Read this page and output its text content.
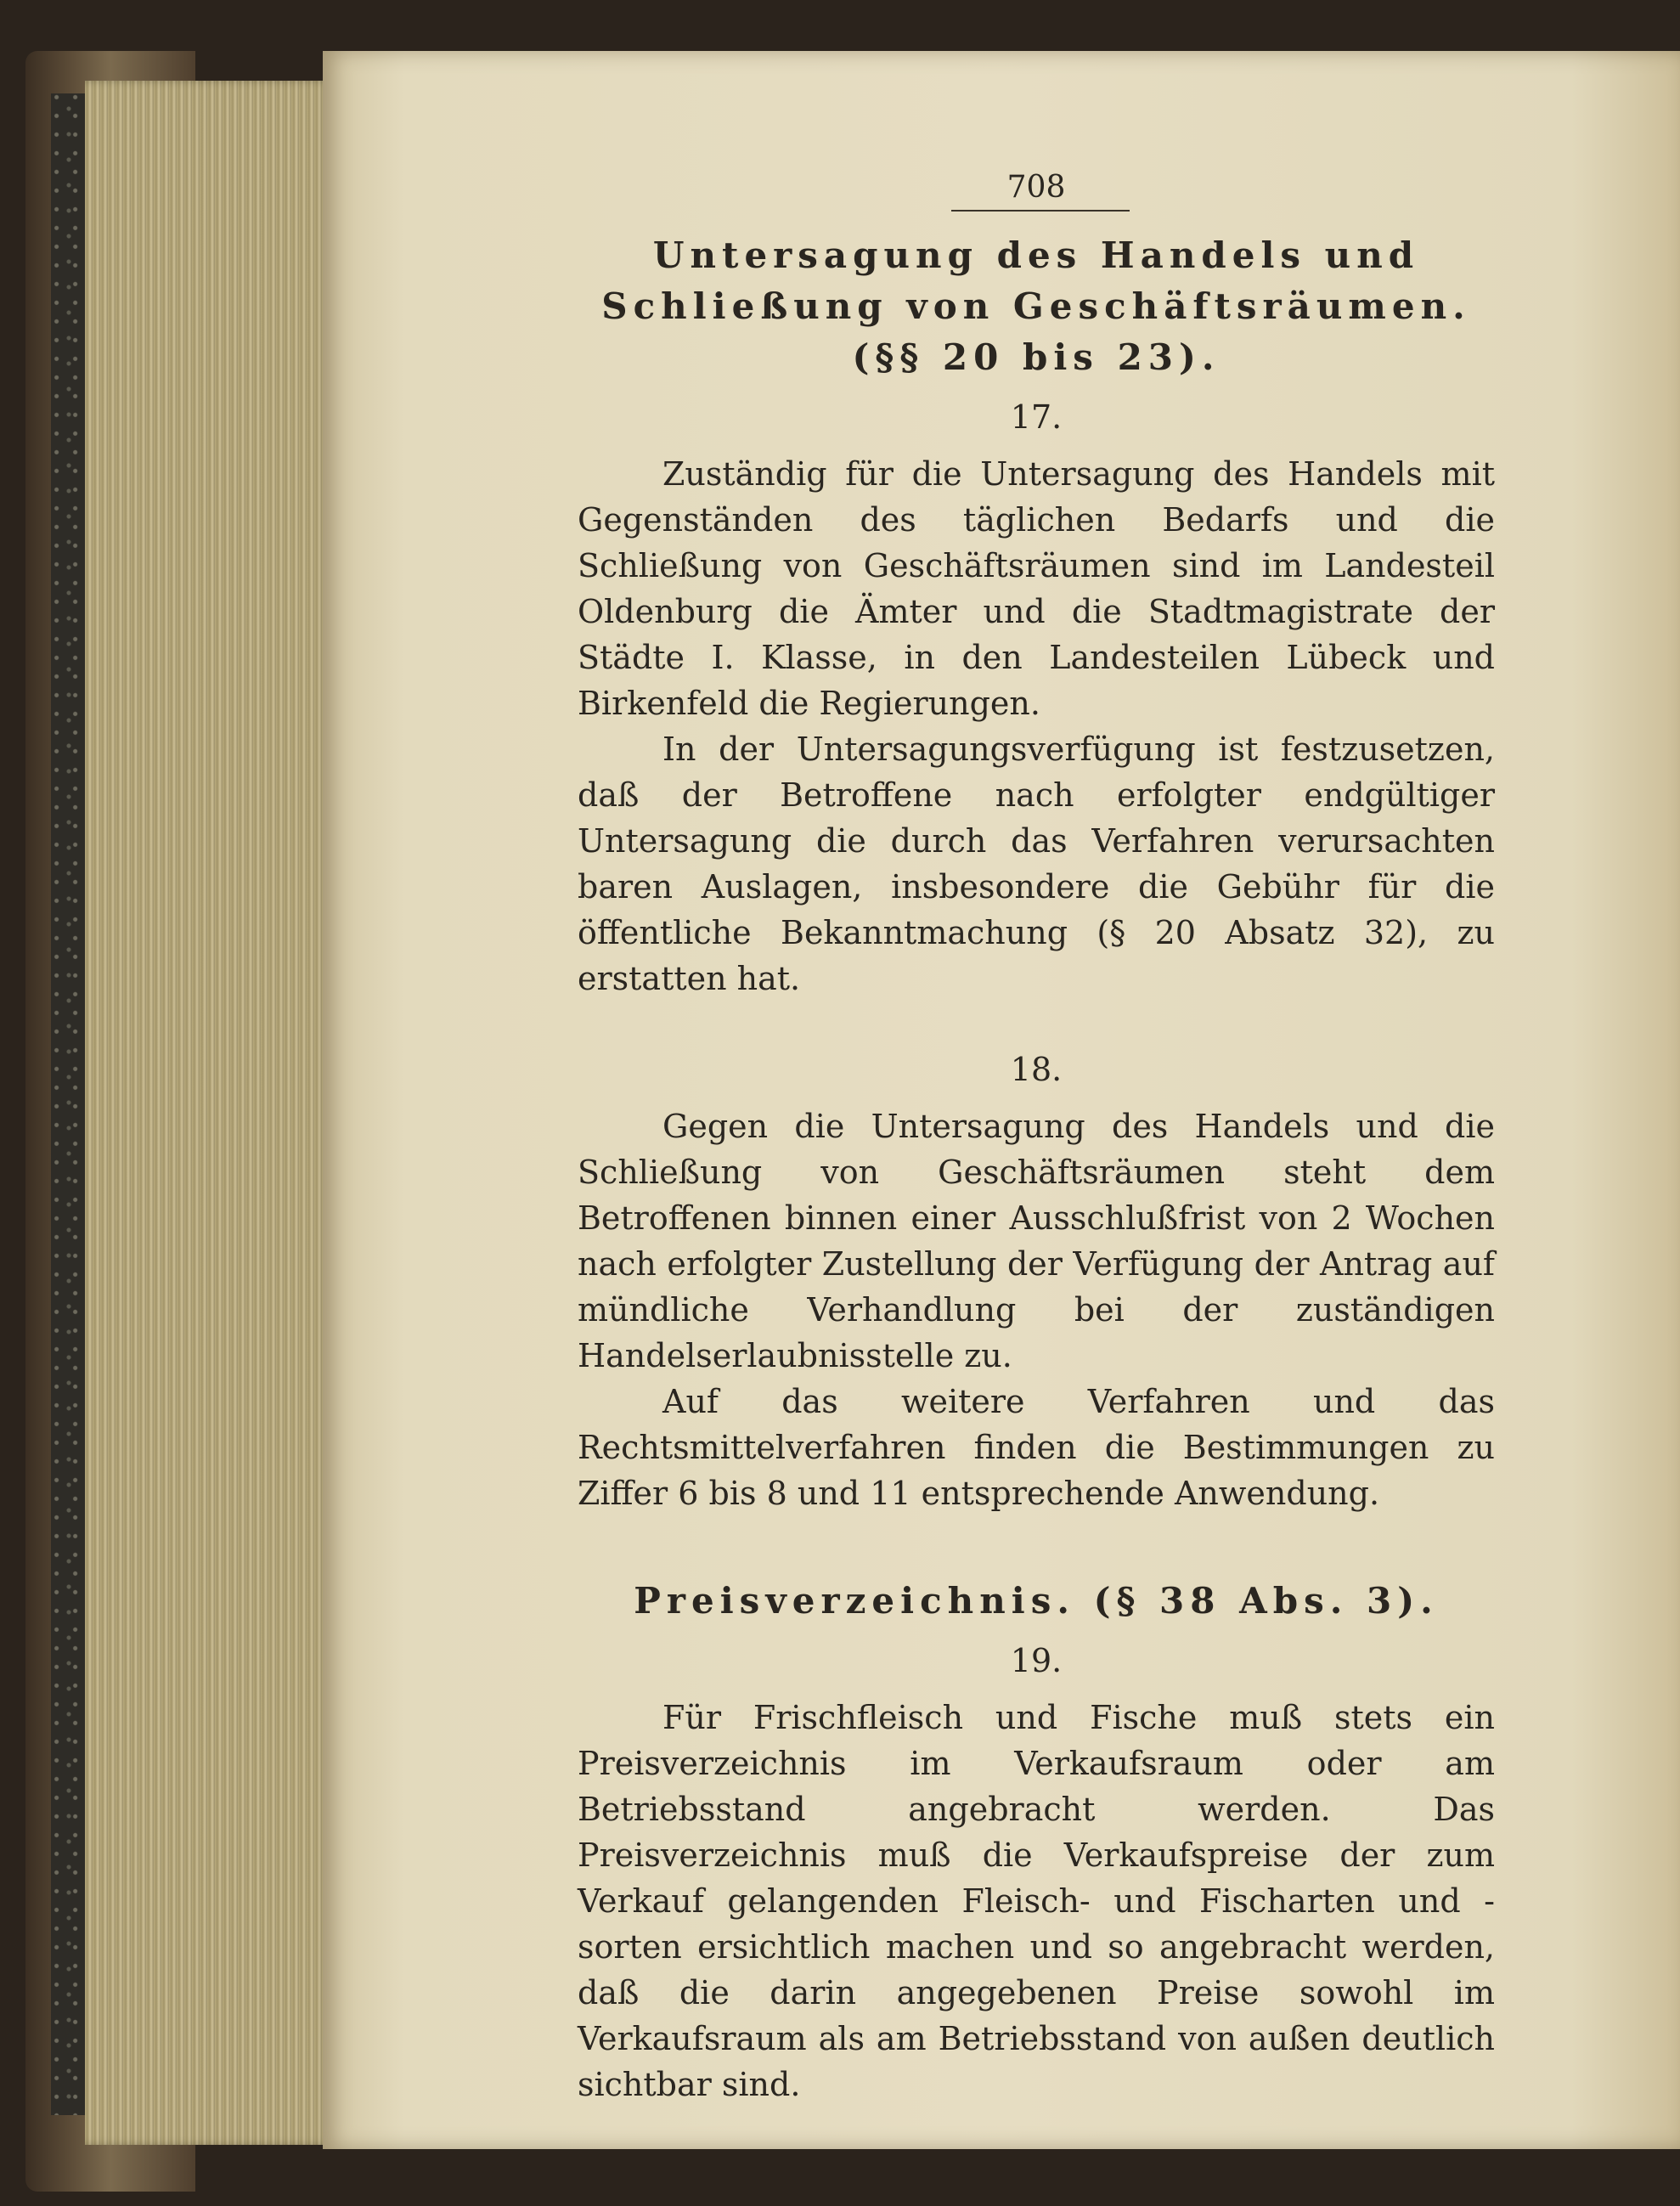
708
Untersagung des Handels und Schließung von Geschäftsräumen. (§§ 20 bis 23).
17.

Zuständig für die Untersagung des Handels mit Gegenständen des täglichen Bedarfs und die Schließung von Geschäftsräumen sind im Landesteil Oldenburg die Ämter und die Stadtmagistrate der Städte I. Klasse, in den Landesteilen Lübeck und Birkenfeld die Regierungen.

In der Untersagungsverfügung ist festzusetzen, daß der Betroffene nach erfolgter endgültiger Untersagung die durch das Verfahren verursachten baren Auslagen, insbesondere die Gebühr für die öffentliche Bekanntmachung (§ 20 Absatz 32), zu erstatten hat.

18.

Gegen die Untersagung des Handels und die Schließung von Geschäftsräumen steht dem Betroffenen binnen einer Ausschlußfrist von 2 Wochen nach erfolgter Zustellung der Verfügung der Antrag auf mündliche Verhandlung bei der zuständigen Handelserlaubnisstelle zu.

Auf das weitere Verfahren und das Rechtsmittelverfahren finden die Bestimmungen zu Ziffer 6 bis 8 und 11 entsprechende Anwendung.

Preisverzeichnis. (§ 38 Abs. 3).
19.

Für Frischfleisch und Fische muß stets ein Preisverzeichnis im Verkaufsraum oder am Betriebsstand angebracht werden. Das Preisverzeichnis muß die Verkaufspreise der zum Verkauf gelangenden Fleisch- und Fischarten und -sorten ersichtlich machen und so angebracht werden, daß die darin angegebenen Preise sowohl im Verkaufsraum als am Betriebsstand von außen deutlich sichtbar sind.
